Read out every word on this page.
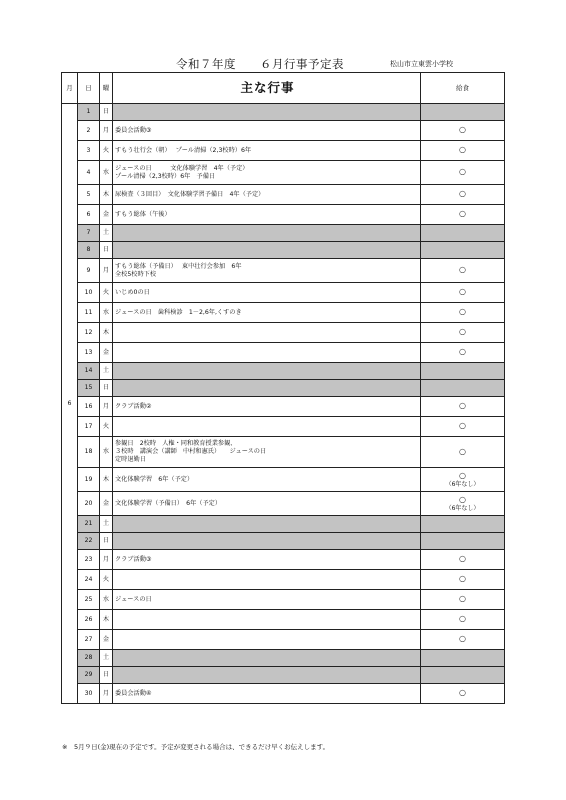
令和７年度　　６月行事予定表	松山市立東雲小学校
月	日	曜	主な行事	給食
6	1	日		
	2	月	委員会活動③	○
	3	火	すもう壮行会（朝）　 プール清掃（2,3校時）6年	○
	4	水	ジュースの日　　　文化体験学習　4年（予定）
プール清掃（2,3校時）6年　予備日	○
	5	木	尿検査（３回目）　文化体験学習予備日　4年（予定）	○
	6	金	すもう総体（午後）	○
	7	土		
	8	日		
	9	月	すもう総体（予備日）　 東中壮行会参加　6年
全校5校時下校	○
	10	火	いじめ0の日	○
	11	水	ジュースの日　歯科検診　1－2,6年,くすのき	○
	12	木		○
	13	金		○
	14	土		
	15	日		
	16	月	クラブ活動②	○
	17	火		○
	18	水	参観日　2校時　人権・同和教育授業参観、
３校時　講演会（講師　中村和憲氏）　　ジュースの日
定時退勤日	○
	19	木	文化体験学習　6年（予定）	○
（6年なし）

	20	金	文化体験学習（予備日）　6年（予定）	○
（6年なし）

	21	土		
	22	日		
	23	月	クラブ活動③	○
	24	火		○
	25	水	ジュースの日	○
	26	木		○
	27	金		○
	28	土		
	29	日		
	30	月	委員会活動④	○
※　5月９日(金)現在の予定です。予定が変更される場合は、できるだけ早くお伝えします。
